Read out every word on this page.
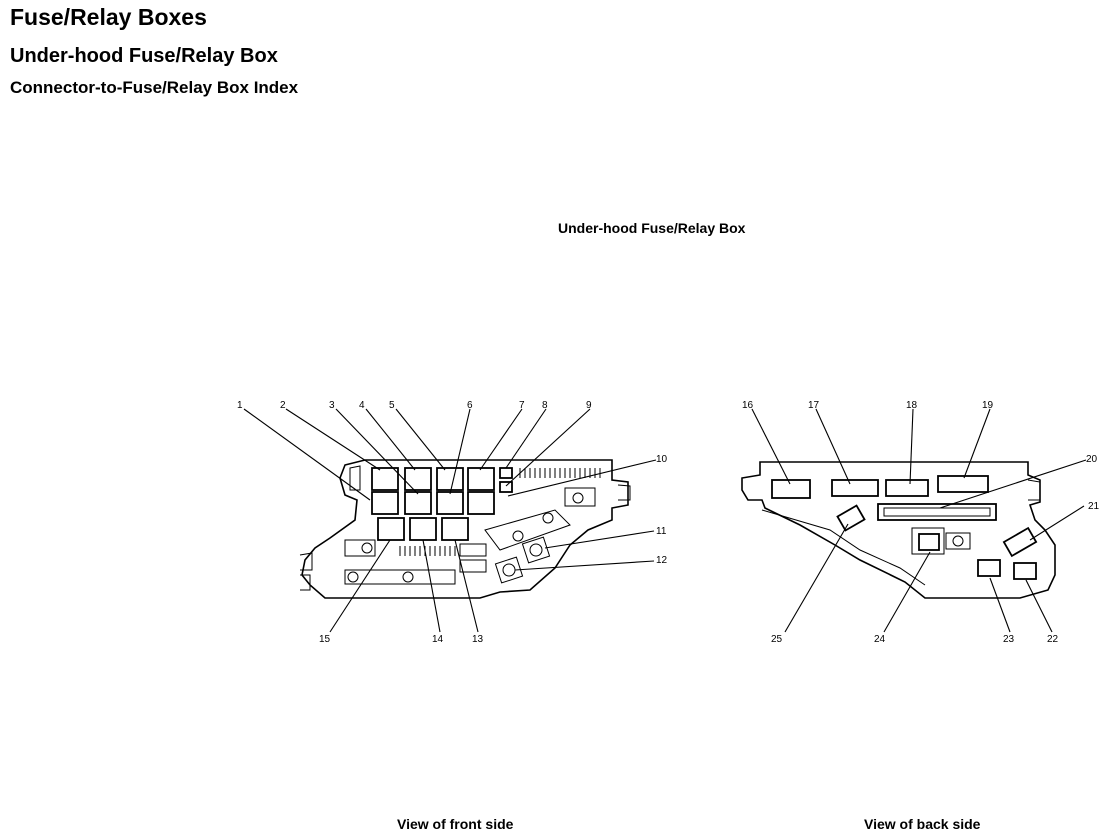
Fuse/Relay Boxes
Under-hood Fuse/Relay Box
Connector-to-Fuse/Relay Box Index
Under-hood Fuse/Relay Box
1	2	3 4 5	6	7 8	9
10
11
12
13
14
15
16	17	18	19
20
21
22
23
24
25
View of front side	View of back side
